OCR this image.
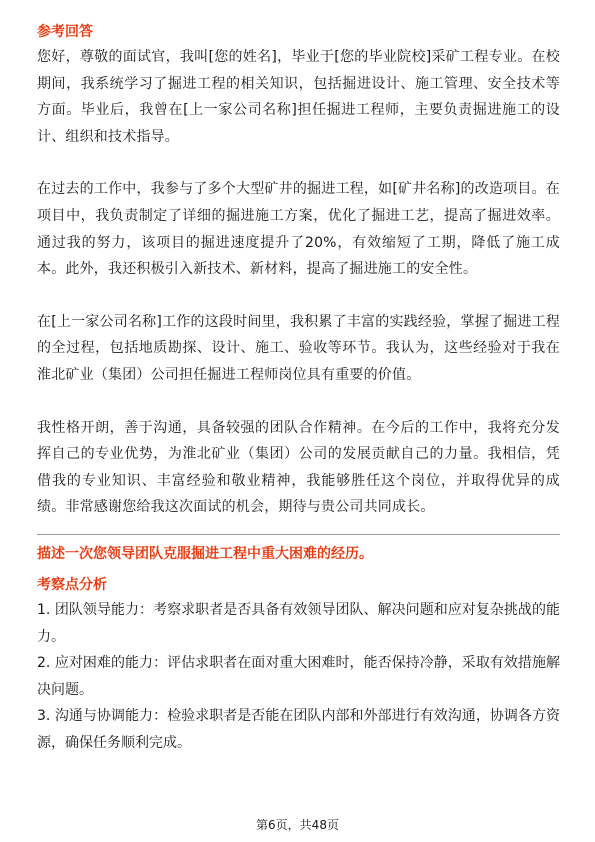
参考回答

您好，尊敬的面试官，我叫[您的姓名]，毕业于[您的毕业院校]采矿工程专业。在校期间，我系统学习了掘进工程的相关知识，包括掘进设计、施工管理、安全技术等方面。毕业后，我曾在[上一家公司名称]担任掘进工程师，主要负责掘进施工的设计、组织和技术指导。

在过去的工作中，我参与了多个大型矿井的掘进工程，如[矿井名称]的改造项目。在项目中，我负责制定了详细的掘进施工方案，优化了掘进工艺，提高了掘进效率。通过我的努力，该项目的掘进速度提升了20%，有效缩短了工期，降低了施工成本。此外，我还积极引入新技术、新材料，提高了掘进施工的安全性。

在[上一家公司名称]工作的这段时间里，我积累了丰富的实践经验，掌握了掘进工程的全过程，包括地质勘探、设计、施工、验收等环节。我认为，这些经验对于我在淮北矿业（集团）公司担任掘进工程师岗位具有重要的价值。

我性格开朗，善于沟通，具备较强的团队合作精神。在今后的工作中，我将充分发挥自己的专业优势，为淮北矿业（集团）公司的发展贡献自己的力量。我相信，凭借我的专业知识、丰富经验和敬业精神，我能够胜任这个岗位，并取得优异的成绩。非常感谢您给我这次面试的机会，期待与贵公司共同成长。

描述一次您领导团队克服掘进工程中重大困难的经历。

考察点分析

1. 团队领导能力：考察求职者是否具备有效领导团队、解决问题和应对复杂挑战的能力。

2. 应对困难的能力：评估求职者在面对重大困难时，能否保持冷静，采取有效措施解决问题。

3. 沟通与协调能力：检验求职者是否能在团队内部和外部进行有效沟通，协调各方资源，确保任务顺利完成。

第6页，共48页
